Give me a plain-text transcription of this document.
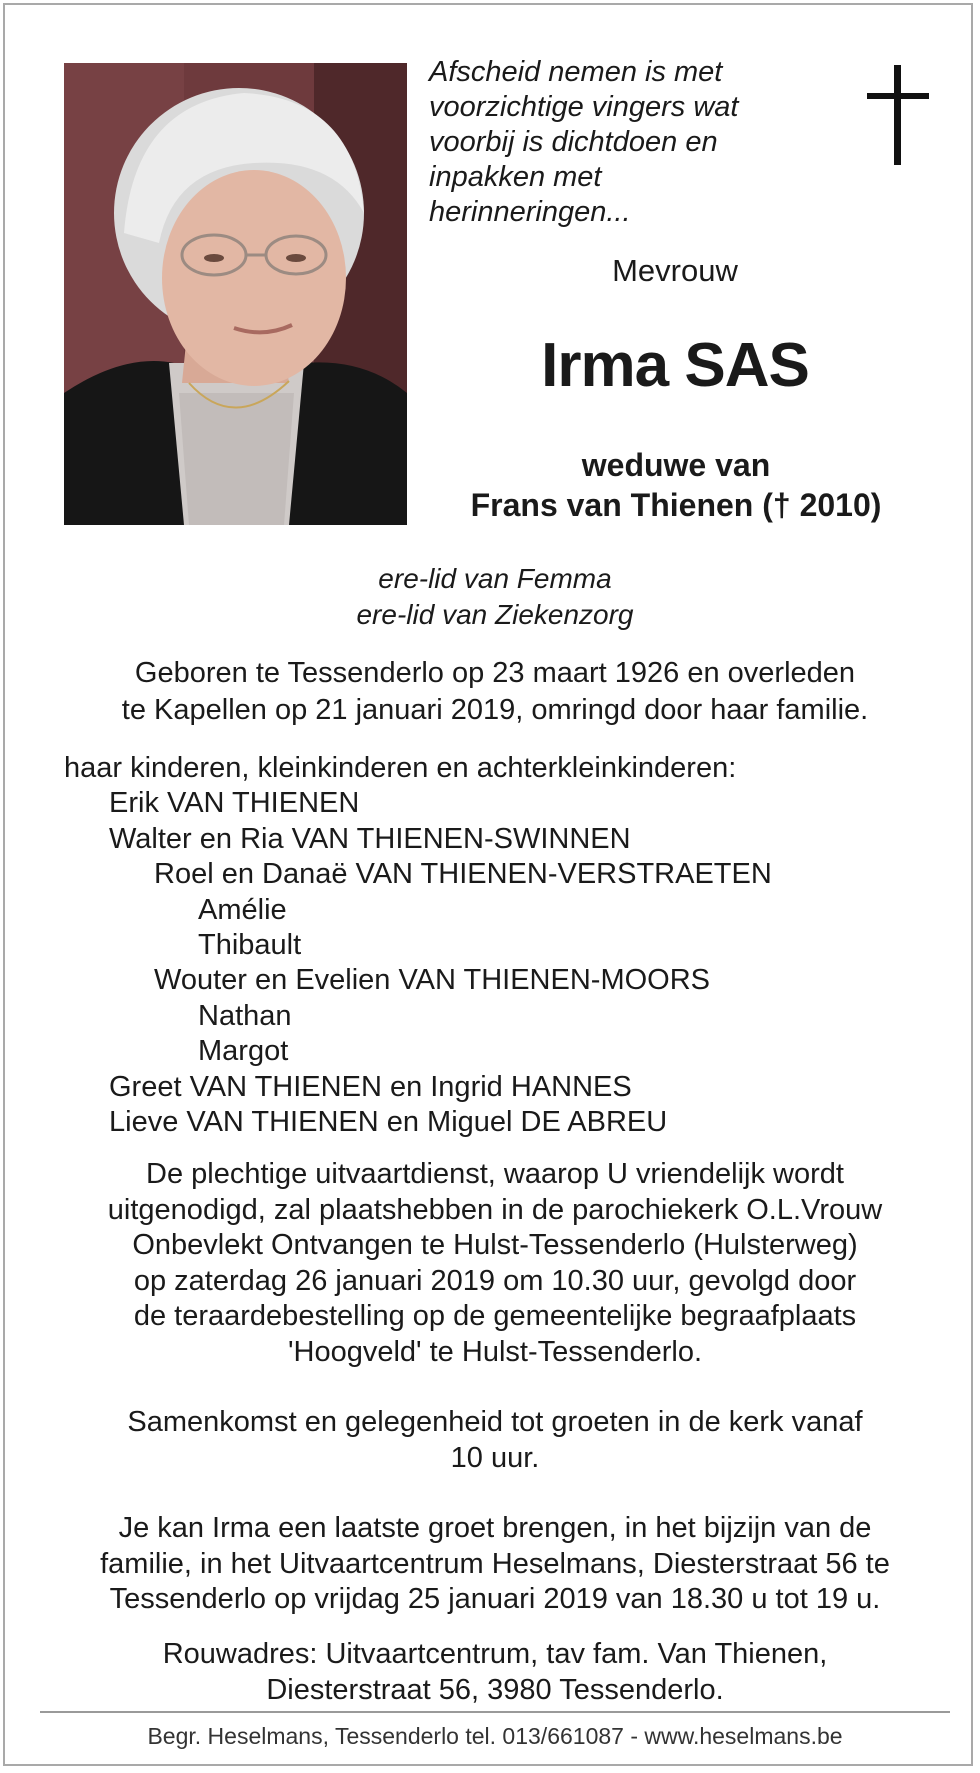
Afscheid nemen is met
voorzichtige vingers wat
voorbij is dichtdoen en
inpakken met
herinneringen...
Mevrouw
Irma SAS
weduwe van
Frans van Thienen († 2010)
ere-lid van Femma
ere-lid van Ziekenzorg
Geboren te Tessenderlo op 23 maart 1926 en overleden
te Kapellen op 21 januari 2019, omringd door haar familie.
haar kinderen, kleinkinderen en achterkleinkinderen:
Erik VAN THIENEN
Walter en Ria VAN THIENEN-SWINNEN
Roel en Danaë VAN THIENEN-VERSTRAETEN
Amélie
Thibault
Wouter en Evelien VAN THIENEN-MOORS
Nathan
Margot
Greet VAN THIENEN en Ingrid HANNES
Lieve VAN THIENEN en Miguel DE ABREU
De plechtige uitvaartdienst, waarop U vriendelijk wordt
uitgenodigd, zal plaatshebben in de parochiekerk O.L.Vrouw
Onbevlekt Ontvangen te Hulst-Tessenderlo (Hulsterweg)
op zaterdag 26 januari 2019 om 10.30 uur, gevolgd door
de teraardebestelling op de gemeentelijke begraafplaats
'Hoogveld' te Hulst-Tessenderlo.
Samenkomst en gelegenheid tot groeten in de kerk vanaf
10 uur.
Je kan Irma een laatste groet brengen, in het bijzijn van de
familie, in het Uitvaartcentrum Heselmans, Diesterstraat 56 te
Tessenderlo op vrijdag 25 januari 2019 van 18.30 u tot 19 u.
Rouwadres: Uitvaartcentrum, tav fam. Van Thienen,
Diesterstraat 56, 3980 Tessenderlo.
Begr. Heselmans, Tessenderlo tel. 013/661087 - www.heselmans.be
